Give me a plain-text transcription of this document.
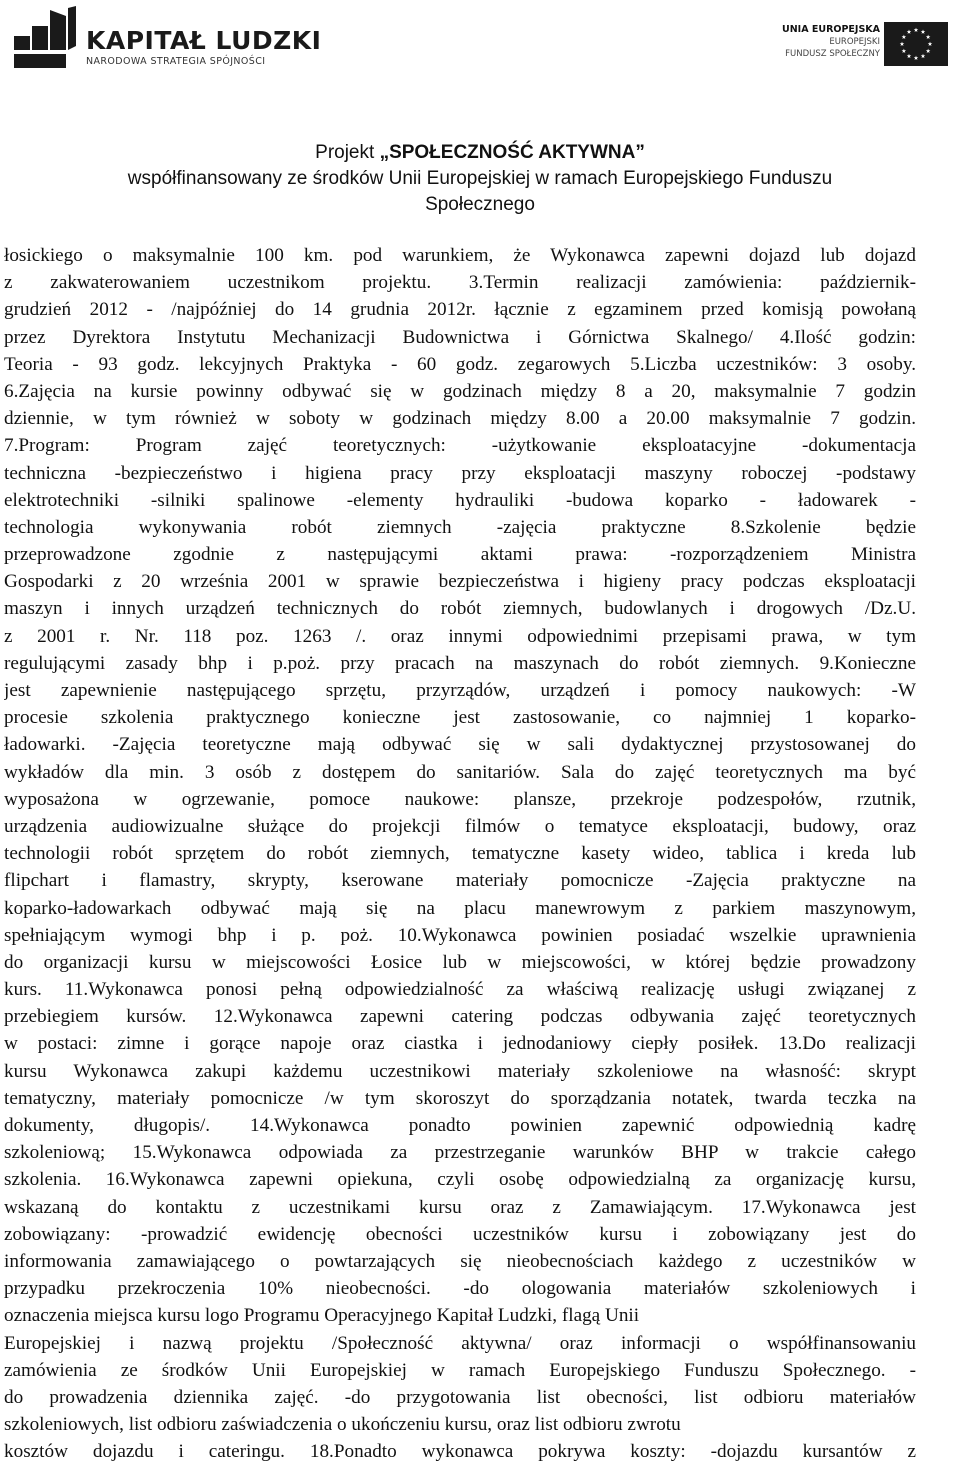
KAPITAŁ LUDZKI
NARODOWA STRATEGIA SPÓJNOŚCI
UNIA EUROPEJSKA
EUROPEJSKI
FUNDUSZ SPOŁECZNY
Projekt „SPOŁECZNOŚĆ AKTYWNA”
współfinansowany ze środków Unii Europejskiej w ramach Europejskiego Funduszu
Społecznego
łosickiego o maksymalnie 100 km. pod warunkiem, że Wykonawca zapewni dojazd lub dojazd
z zakwaterowaniem uczestnikom projektu. 3.Termin realizacji zamówienia: październik-
grudzień 2012 - /najpóźniej do 14 grudnia 2012r. łącznie z egzaminem przed komisją powołaną
przez Dyrektora Instytutu Mechanizacji Budownictwa i Górnictwa Skalnego/ 4.Ilość godzin:
Teoria - 93 godz. lekcyjnych Praktyka - 60 godz. zegarowych 5.Liczba uczestników: 3 osoby.
6.Zajęcia na kursie powinny odbywać się w godzinach między 8 a 20, maksymalnie 7 godzin
dziennie, w tym również w soboty w godzinach między 8.00 a 20.00 maksymalnie 7 godzin.
7.Program: Program zajęć teoretycznych: -użytkowanie eksploatacyjne -dokumentacja
techniczna -bezpieczeństwo i higiena pracy przy eksploatacji maszyny roboczej -podstawy
elektrotechniki -silniki spalinowe -elementy hydrauliki -budowa koparko - ładowarek -
technologia wykonywania robót ziemnych -zajęcia praktyczne 8.Szkolenie będzie
przeprowadzone zgodnie z następującymi aktami prawa: -rozporządzeniem Ministra
Gospodarki z 20 września 2001 w sprawie bezpieczeństwa i higieny pracy podczas eksploatacji
maszyn i innych urządzeń technicznych do robót ziemnych, budowlanych i drogowych /Dz.U.
z 2001 r. Nr. 118 poz. 1263 /. oraz innymi odpowiednimi przepisami prawa, w tym
regulującymi zasady bhp i p.poż. przy pracach na maszynach do robót ziemnych. 9.Konieczne
jest zapewnienie następującego sprzętu, przyrządów, urządzeń i pomocy naukowych: -W
procesie szkolenia praktycznego konieczne jest zastosowanie, co najmniej 1 koparko-
ładowarki. -Zajęcia teoretyczne mają odbywać się w sali dydaktycznej przystosowanej do
wykładów dla min. 3 osób z dostępem do sanitariów. Sala do zajęć teoretycznych ma być
wyposażona w ogrzewanie, pomoce naukowe: plansze, przekroje podzespołów, rzutnik,
urządzenia audiowizualne służące do projekcji filmów o tematyce eksploatacji, budowy, oraz
technologii robót sprzętem do robót ziemnych, tematyczne kasety wideo, tablica i kreda lub
flipchart i flamastry, skrypty, kserowane materiały pomocnicze -Zajęcia praktyczne na
koparko-ładowarkach odbywać mają się na placu manewrowym z parkiem maszynowym,
spełniającym wymogi bhp i p. poż. 10.Wykonawca powinien posiadać wszelkie uprawnienia
do organizacji kursu w miejscowości Łosice lub w miejscowości, w której będzie prowadzony
kurs. 11.Wykonawca ponosi pełną odpowiedzialność za właściwą realizację usługi związanej z
przebiegiem kursów. 12.Wykonawca zapewni catering podczas odbywania zajęć teoretycznych
w postaci: zimne i gorące napoje oraz ciastka i jednodaniowy ciepły posiłek. 13.Do realizacji
kursu Wykonawca zakupi każdemu uczestnikowi materiały szkoleniowe na własność: skrypt
tematyczny, materiały pomocnicze /w tym skoroszyt do sporządzania notatek, twarda teczka na
dokumenty, długopis/. 14.Wykonawca ponadto powinien zapewnić odpowiednią kadrę
szkoleniową; 15.Wykonawca odpowiada za przestrzeganie warunków BHP w trakcie całego
szkolenia. 16.Wykonawca zapewni opiekuna, czyli osobę odpowiedzialną za organizację kursu,
wskazaną do kontaktu z uczestnikami kursu oraz z Zamawiającym. 17.Wykonawca jest
zobowiązany: -prowadzić ewidencję obecności uczestników kursu i zobowiązany jest do
informowania zamawiającego o powtarzających się nieobecnościach każdego z uczestników w
przypadku przekroczenia 10% nieobecności. -do ologowania materiałów szkoleniowych i
oznaczenia miejsca kursu logo Programu Operacyjnego Kapitał Ludzki, flagą Unii
Europejskiej i nazwą projektu /Społeczność aktywna/ oraz informacji o współfinansowaniu
zamówienia ze środków Unii Europejskiej w ramach Europejskiego Funduszu Społecznego. -
do prowadzenia dziennika zajęć. -do przygotowania list obecności, list odbioru materiałów
szkoleniowych, list odbioru zaświadczenia o ukończeniu kursu, oraz list odbioru zwrotu
kosztów dojazdu i cateringu. 18.Ponadto wykonawca pokrywa koszty: -dojazdu kursantów z
